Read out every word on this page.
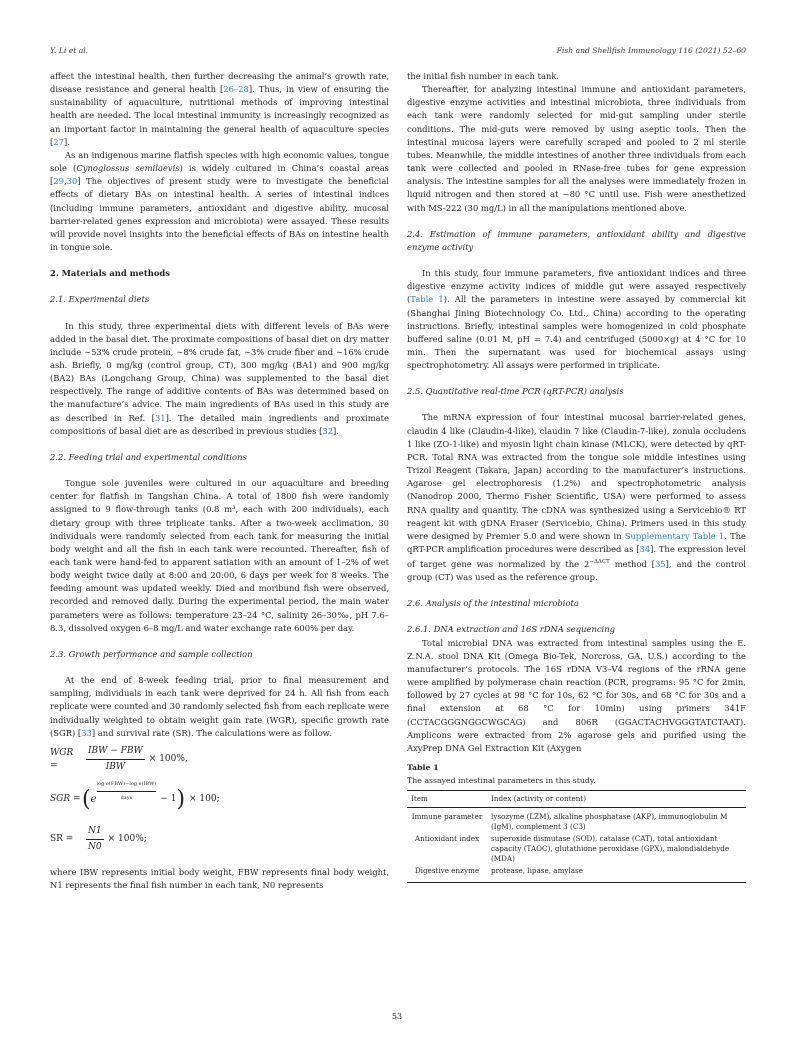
Y. Li et al.	Fish and Shellfish Immunology 116 (2021) 52–60

affect the intestinal health, then further decreasing the animal’s growth rate, disease resistance and general health [26–28]. Thus, in view of ensuring the sustainability of aquaculture, nutritional methods of improving intestinal health are needed. The local intestinal immunity is increasingly recognized as an important factor in maintaining the general health of aquaculture species [27].

As an indigenous marine flatfish species with high economic values, tongue sole (Cynoglossus semilaevis) is widely cultured in China’s coastal areas [29,30] The objectives of present study were to investigate the beneficial effects of dietary BAs on intestinal health. A series of intestinal indices (including immune parameters, antioxidant and digestive ability, mucosal barrier-related genes expression and microbiota) were assayed. These results will provide novel insights into the beneficial effects of BAs on intestine health in tongue sole.

2. Materials and methods
2.1. Experimental diets

In this study, three experimental diets with different levels of BAs were added in the basal diet. The proximate compositions of basal diet on dry matter include ∼53% crude protein, ∼8% crude fat, ∼3% crude fiber and ∼16% crude ash. Briefly, 0 mg/kg (control group, CT), 300 mg/kg (BA1) and 900 mg/kg (BA2) BAs (Longchang Group, China) was supplemented to the basal diet respectively. The range of additive contents of BAs was determined based on the manufacture’s advice. The main ingredients of BAs used in this study are as described in Ref. [31]. The detailed main ingredients and proximate compositions of basal diet are as described in previous studies [32].

2.2. Feeding trial and experimental conditions

Tongue sole juveniles were cultured in our aquaculture and breeding center for flatfish in Tangshan China. A total of 1800 fish were randomly assigned to 9 flow-through tanks (0.8 m³, each with 200 individuals), each dietary group with three triplicate tanks. After a two-week acclimation, 30 individuals were randomly selected from each tank for measuring the initial body weight and all the fish in each tank were recounted. Thereafter, fish of each tank were hand-fed to apparent satiation with an amount of 1–2% of wet body weight twice daily at 8:00 and 20:00, 6 days per week for 8 weeks. The feeding amount was updated weekly. Died and moribund fish were observed, recorded and removed daily. During the experimental period, the main water parameters were as follows: temperature 23–24 °C, salinity 26–30‰, pH 7.6–8.3, dissolved oxygen 6–8 mg/L and water exchange rate 600% per day.

2.3. Growth performance and sample collection

At the end of 8-week feeding trial, prior to final measurement and sampling, individuals in each tank were deprived for 24 h. All fish from each replicate were counted and 30 randomly selected fish from each replicate were individually weighted to obtain weight gain rate (WGR), specific growth rate (SGR) [33] and survival rate (SR). The calculations were as follow.

WGR =	$\frac{\text{IBW − FBW}}{\text{IBW}} \times 100\%$,
SGR = ( e
log e(FBW)−log e(IBW)
days	− 1 ) × 100;
SR =	$\frac{N1}{N0} \times 100\%$;

where IBW represents initial body weight, FBW represents final body weight, N1 represents the final fish number in each tank, N0 represents

the initial fish number in each tank.

Thereafter, for analyzing intestinal immune and antioxidant parameters, digestive enzyme activities and intestinal microbiota, three individuals from each tank were randomly selected for mid-gut sampling under sterile conditions. The mid-guts were removed by using aseptic tools. Then the intestinal mucosa layers were carefully scraped and pooled to 2 ml sterile tubes. Meanwhile, the middle intestines of another three individuals from each tank were collected and pooled in RNase-free tubes for gene expression analysis. The intestine samples for all the analyses were immediately frozen in liquid nitrogen and then stored at −80 °C until use. Fish were anesthetized with MS-222 (30 mg/L) in all the manipulations mentioned above.

2.4. Estimation of immune parameters, antioxidant ability and digestive enzyme activity

In this study, four immune parameters, five antioxidant indices and three digestive enzyme activity indices of middle gut were assayed respectively (Table 1). All the parameters in intestine were assayed by commercial kit (Shanghai Jining Biotechnology Co. Ltd., China) according to the operating instructions. Briefly, intestinal samples were homogenized in cold phosphate buffered saline (0.01 M, pH = 7.4) and centrifuged (5000×g) at 4 °C for 10 min. Then the supernatant was used for biochemical assays using spectrophotometry. All assays were performed in triplicate.

2.5. Quantitative real-time PCR (qRT-PCR) analysis

The mRNA expression of four intestinal mucosal barrier-related genes, claudin 4 like (Claudin-4-like), claudin 7 like (Claudin-7-like), zonula occludens 1 like (ZO-1-like) and myosin light chain kinase (MLCK), were detected by qRT-PCR. Total RNA was extracted from the tongue sole middle intestines using Trizol Reagent (Takara, Japan) according to the manufacturer’s instructions. Agarose gel electrophoresis (1.2%) and spectrophotometric analysis (Nanodrop 2000, Thermo Fisher Scientific, USA) were performed to assess RNA quality and quantity. The cDNA was synthesized using a Servicebio® RT reagent kit with gDNA Eraser (Servicebio, China). Primers used in this study were designed by Premier 5.0 and were shown in Supplementary Table 1. The qRT-PCR amplification procedures were described as [34]. The expression level of target gene was normalized by the $2^{-\Delta\Delta CT}$ method [35], and the control group (CT) was used as the reference group.

2.6. Analysis of the intestinal microbiota
2.6.1. DNA extraction and 16S rDNA sequencing

Total microbial DNA was extracted from intestinal samples using the E. Z.N.A. stool DNA Kit (Omega Bio-Tek, Norcross, GA, U.S.) according to the manufacturer’s protocols. The 16S rDNA V3–V4 regions of the rRNA gene were amplified by polymerase chain reaction (PCR, programs: 95 °C for 2min, followed by 27 cycles at 98 °C for 10s, 62 °C for 30s, and 68 °C for 30s and a final extension at 68 °C for 10min) using primers 341F (CCTACGGGNGGCWGCAG) and 806R (GGACTACHVGGGTATCTAAT). Amplicons were extracted from 2% agarose gels and purified using the AxyPrep DNA Gel Extraction Kit (Axygen

Table 1
The assayed intestinal parameters in this study.
Item	Index (activity or content)
Immune parameter	lysozyme (LZM), alkaline phosphatase (AKP), immunoglobulin M (IgM), complement 3 (C3)
Antioxidant index	superoxide dismutase (SOD), catalase (CAT), total antioxidant capacity (TAOC), glutathione peroxidase (GPX), malondialdehyde (MDA)
Digestive enzyme	protease, lipase, amylase
53
